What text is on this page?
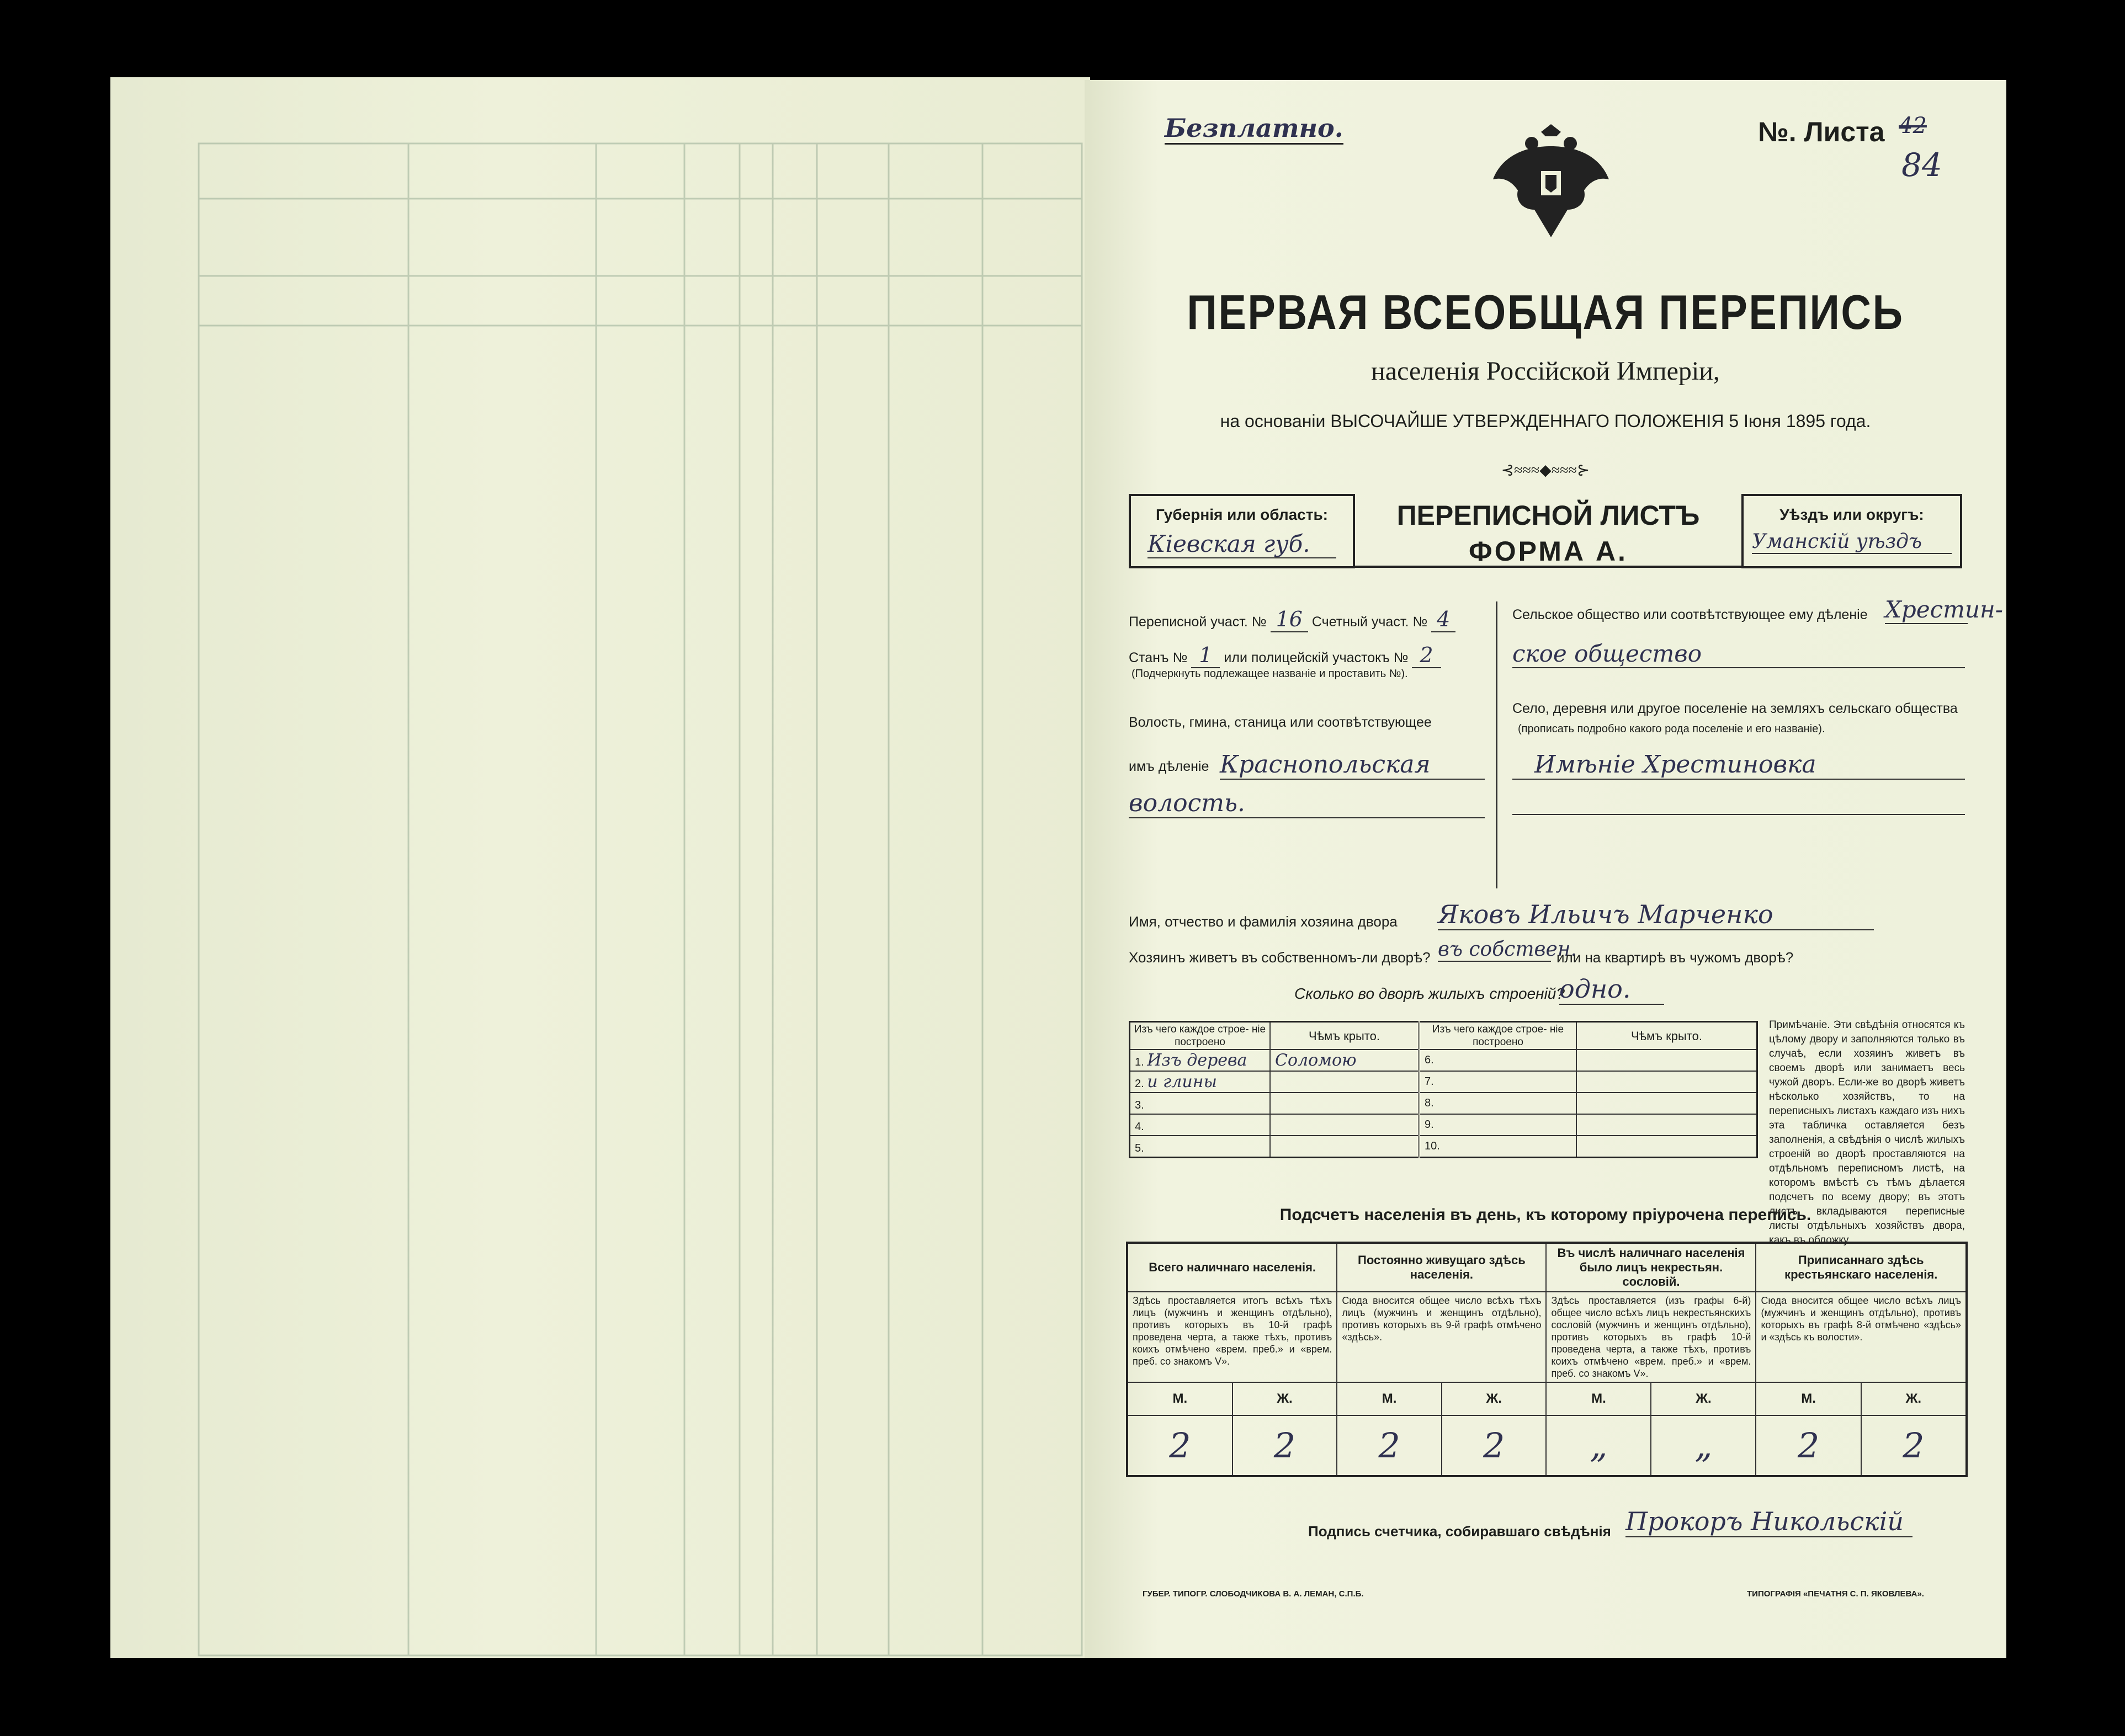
Безплатно.	№. Листа 42
84
ПЕРВАЯ ВСЕОБЩАЯ ПЕРЕПИСЬ
населенія Россійской Имперіи,
на основаніи ВЫСОЧАЙШЕ УТВЕРЖДЕННАГО ПОЛОЖЕНІЯ 5 Іюня 1895 года.
⊰≈≈≈◆≈≈≈⊱
Губернія или область:
Кіевская губ.
ПЕРЕПИСНОЙ ЛИСТЪ
ФОРМА А.
Уѣздъ или округъ:
Уманскій уѣздъ
Переписной участ. № 16 Счетный участ. № 4
Станъ № 1 или полицейскій участокъ № 2
(Подчеркнуть подлежащее названіе и проставить №).
Волость, гмина, станица или соотвѣтствующее
имъ дѣленіе Краснопольская
волость.
Сельское общество или соотвѣтствующее ему дѣленіе Хрестин-
ское общество
Село, деревня или другое поселеніе на земляхъ сельскаго общества
(прописать подробно какого рода поселеніе и его названіе).
Имѣніе Хрестиновка
Имя, отчество и фамилія хозяина двора Яковъ Ильичъ Марченко
Хозяинъ живетъ въ собственномъ-ли дворѣ? въ собствен.
или на квартирѣ въ чужомъ дворѣ?
Сколько во дворѣ жилыхъ строеній?
одно.
Изъ чего каждое строе- ніе построено	Чѣмъ крыто.	Изъ чего каждое строе- ніе построено	Чѣмъ крыто.
1. Изъ дерева	Соломою	6.	
2. и глины		7.	
3.		8.	
4.		9.	
5.		10.	
Примѣчаніе. Эти свѣдѣнія относятся къ цѣлому двору и заполняются только въ случаѣ, если хозяинъ живетъ въ своемъ дворѣ или занимаетъ весь чужой дворъ. Если-же во дворѣ живетъ нѣсколько хозяйствъ, то на переписныхъ листахъ каждаго изъ нихъ эта табличка оставляется безъ заполненія, а свѣдѣнія о числѣ жилыхъ строеній во дворѣ проставляются на отдѣльномъ переписномъ листѣ, на которомъ вмѣстѣ съ тѣмъ дѣлается подсчетъ по всему двору; въ этотъ листъ вкладываются переписные листы отдѣльныхъ хозяйствъ двора, какъ въ обложку.
Подсчетъ населенія въ день, къ которому пріурочена перепись.
Всего наличнаго населенія.		Постоянно живущаго здѣсь населенія.		Въ числѣ наличнаго населенія было лицъ некрестьян. сословій.		Приписаннаго здѣсь крестьянскаго населенія.	
Здѣсь проставляется итогъ всѣхъ тѣхъ лицъ (мужчинъ и женщинъ отдѣльно), противъ которыхъ въ 10-й графѣ проведена черта, а также тѣхъ, противъ коихъ отмѣчено «врем. преб.» и «врем. преб. со знакомъ V».		Сюда вносится общее число всѣхъ тѣхъ лицъ (мужчинъ и женщинъ отдѣльно), противъ которыхъ въ 9-й графѣ отмѣчено «здѣсь».		Здѣсь проставляется (изъ графы 6-й) общее число всѣхъ лицъ некрестьянскихъ сословій (мужчинъ и женщинъ отдѣльно), противъ которыхъ въ графѣ 10-й проведена черта, а также тѣхъ, противъ коихъ отмѣчено «врем. преб.» и «врем. преб. со знакомъ V».		Сюда вносится общее число всѣхъ лицъ (мужчинъ и женщинъ отдѣльно), противъ которыхъ въ графѣ 8-й отмѣчено «здѣсь» и «здѣсь къ волости».	
М.	Ж.	М.	Ж.	М.	Ж.	М.	Ж.
2	2	2	2	„	„	2	2
Подпись счетчика, собиравшаго свѣдѣнія Прокоръ Никольскій
ГУБЕР. ТИПОГР. СЛОБОДЧИКОВА В. А. ЛЕМАН, С.П.Б.	ТИПОГРАФІЯ «ПЕЧАТНЯ С. П. ЯКОВЛЕВА».
